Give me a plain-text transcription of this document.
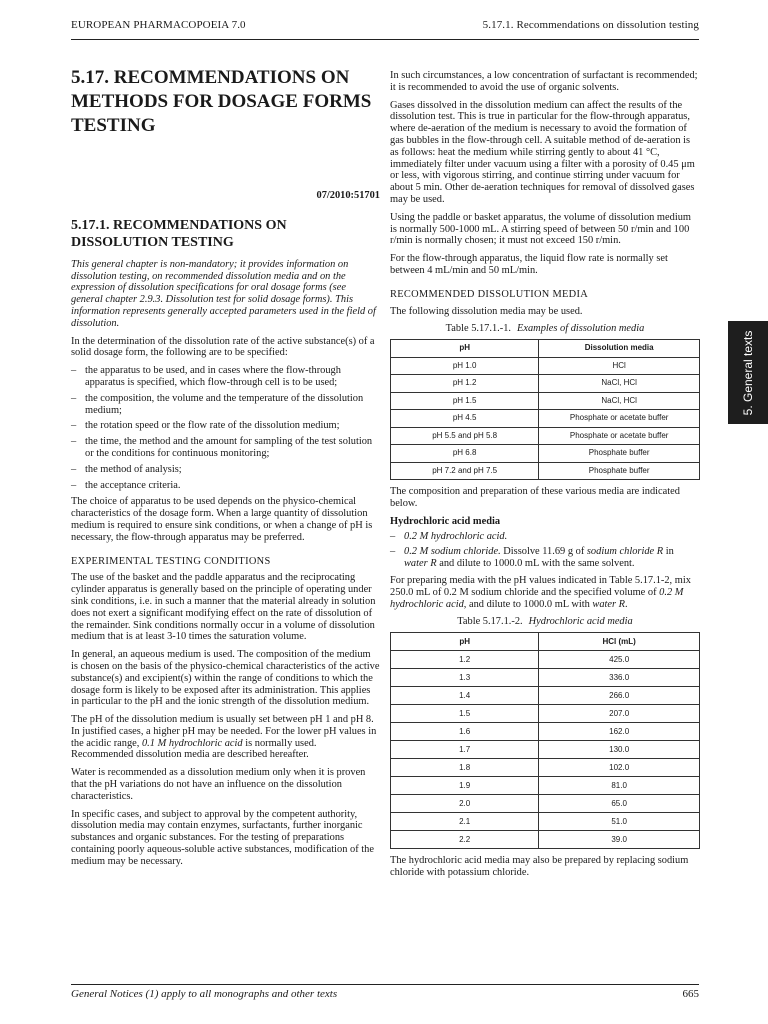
EUROPEAN PHARMACOPOEIA 7.0	5.17.1. Recommendations on dissolution testing
5. General texts
5.17. RECOMMENDATIONS ON METHODS FOR DOSAGE FORMS TESTING
07/2010:51701
5.17.1. RECOMMENDATIONS ON DISSOLUTION TESTING

This general chapter is non-mandatory; it provides information on dissolution testing, on recommended dissolution media and on the expression of dissolution specifications for oral dosage forms (see general chapter 2.9.3. Dissolution test for solid dosage forms). This information represents generally accepted parameters used in the field of dissolution.

In the determination of the dissolution rate of the active substance(s) of a solid dosage form, the following are to be specified:

– the apparatus to be used, and in cases where the flow-through apparatus is specified, which flow-through cell is to be used;
– the composition, the volume and the temperature of the dissolution medium;
– the rotation speed or the flow rate of the dissolution medium;
– the time, the method and the amount for sampling of the test solution or the conditions for continuous monitoring;
– the method of analysis;
– the acceptance criteria.

The choice of apparatus to be used depends on the physico-chemical characteristics of the dosage form. When a large quantity of dissolution medium is required to ensure sink conditions, or when a change of pH is necessary, the flow-through apparatus may be preferred.

EXPERIMENTAL TESTING CONDITIONS

The use of the basket and the paddle apparatus and the reciprocating cylinder apparatus is generally based on the principle of operating under sink conditions, i.e. in such a manner that the material already in solution does not exert a significant modifying effect on the rate of dissolution of the remainder. Sink conditions normally occur in a volume of dissolution medium that is at least 3-10 times the saturation volume.

In general, an aqueous medium is used. The composition of the medium is chosen on the basis of the physico-chemical characteristics of the active substance(s) and excipient(s) within the range of conditions to which the dosage form is likely to be exposed after its administration. This applies in particular to the pH and the ionic strength of the dissolution medium.

The pH of the dissolution medium is usually set between pH 1 and pH 8. In justified cases, a higher pH may be needed. For the lower pH values in the acidic range, 0.1 M hydrochloric acid is normally used. Recommended dissolution media are described hereafter.

Water is recommended as a dissolution medium only when it is proven that the pH variations do not have an influence on the dissolution characteristics.

In specific cases, and subject to approval by the competent authority, dissolution media may contain enzymes, surfactants, further inorganic substances and organic substances. For the testing of preparations containing poorly aqueous-soluble active substances, modification of the medium may be necessary.

In such circumstances, a low concentration of surfactant is recommended; it is recommended to avoid the use of organic solvents.

Gases dissolved in the dissolution medium can affect the results of the dissolution test. This is true in particular for the flow-through apparatus, where de-aeration of the medium is necessary to avoid the formation of gas bubbles in the flow-through cell. A suitable method of de-aeration is as follows: heat the medium while stirring gently to about 41 °C, immediately filter under vacuum using a filter with a porosity of 0.45 μm or less, with vigorous stirring, and continue stirring under vacuum for about 5 min. Other de-aeration techniques for removal of dissolved gases may be used.

Using the paddle or basket apparatus, the volume of dissolution medium is normally 500-1000 mL. A stirring speed of between 50 r/min and 100 r/min is normally chosen; it must not exceed 150 r/min.

For the flow-through apparatus, the liquid flow rate is normally set between 4 mL/min and 50 mL/min.

RECOMMENDED DISSOLUTION MEDIA

The following dissolution media may be used.

Table 5.17.1.-1. Examples of dissolution media
pH	Dissolution media
pH 1.0	HCl
pH 1.2	NaCl, HCl
pH 1.5	NaCl, HCl
pH 4.5	Phosphate or acetate buffer
pH 5.5 and pH 5.8	Phosphate or acetate buffer
pH 6.8	Phosphate buffer
pH 7.2 and pH 7.5	Phosphate buffer

The composition and preparation of these various media are indicated below.

Hydrochloric acid media
– 0.2 M hydrochloric acid.
– 0.2 M sodium chloride. Dissolve 11.69 g of sodium chloride R in water R and dilute to 1000.0 mL with the same solvent.

For preparing media with the pH values indicated in Table 5.17.1-2, mix 250.0 mL of 0.2 M sodium chloride and the specified volume of 0.2 M hydrochloric acid, and dilute to 1000.0 mL with water R.

Table 5.17.1.-2. Hydrochloric acid media
pH	HCl (mL)
1.2	425.0
1.3	336.0
1.4	266.0
1.5	207.0
1.6	162.0
1.7	130.0
1.8	102.0
1.9	81.0
2.0	65.0
2.1	51.0
2.2	39.0

The hydrochloric acid media may also be prepared by replacing sodium chloride with potassium chloride.

General Notices (1) apply to all monographs and other texts	665
